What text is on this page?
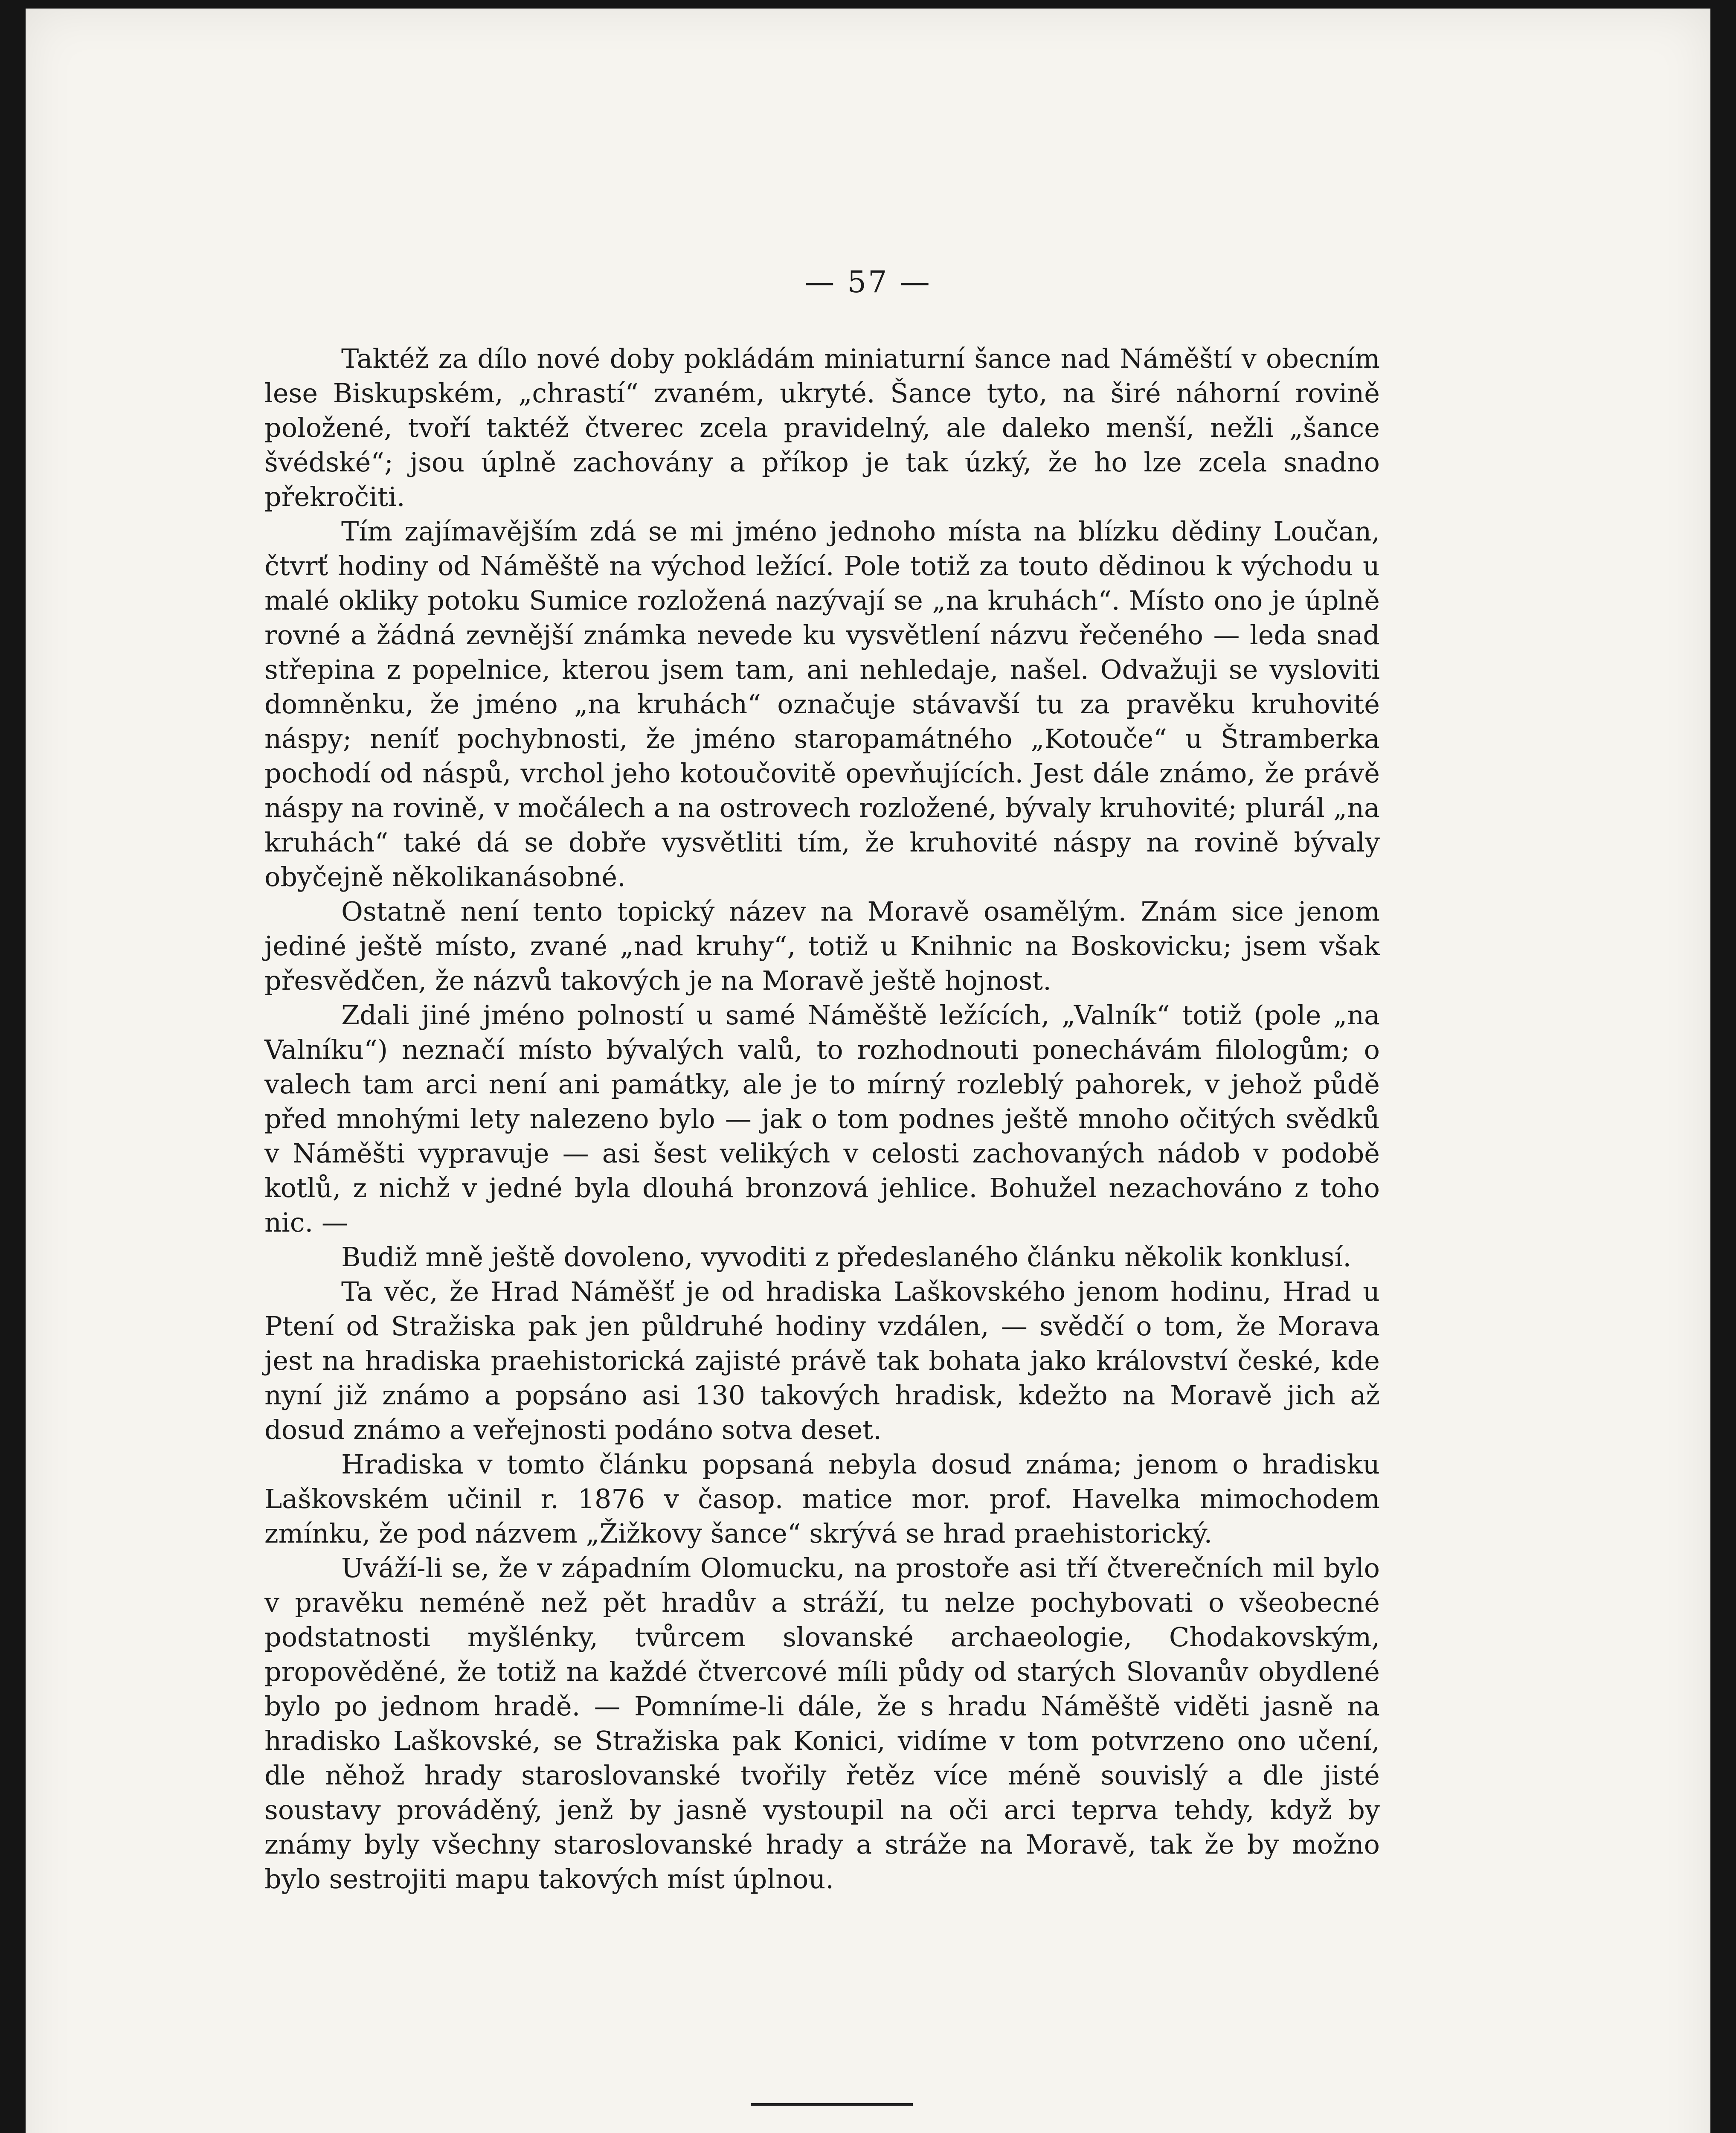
— 57 —

Taktéž za dílo nové doby pokládám miniaturní šance nad Náměští v obecním lese Biskupském, „chrastí“ zvaném, ukryté. Šance tyto, na širé náhorní rovině položené, tvoří taktéž čtverec zcela pravidelný, ale daleko menší, nežli „šance švédské“; jsou úplně zachovány a příkop je tak úzký, že ho lze zcela snadno překročiti.

Tím zajímavějším zdá se mi jméno jednoho místa na blízku dědiny Loučan, čtvrť hodiny od Náměště na východ ležící. Pole totiž za touto dědinou k východu u malé okliky potoku Sumice rozložená nazývají se „na kruhách“. Místo ono je úplně rovné a žádná zevnější známka nevede ku vysvětlení názvu řečeného — leda snad střepina z popelnice, kterou jsem tam, ani nehledaje, našel. Odvažuji se vysloviti domněnku, že jméno „na kruhách“ označuje stávavší tu za pravěku kruhovité náspy; neníť pochybnosti, že jméno staropamátného „Kotouče“ u Štramberka pochodí od náspů, vrchol jeho kotoučovitě opevňujících. Jest dále známo, že právě náspy na rovině, v močálech a na ostrovech rozložené, bývaly kruhovité; plurál „na kruhách“ také dá se dobře vysvětliti tím, že kruhovité náspy na rovině bývaly obyčejně několikanásobné.

Ostatně není tento topický název na Moravě osamělým. Znám sice jenom jediné ještě místo, zvané „nad kruhy“, totiž u Knihnic na Boskovicku; jsem však přesvědčen, že názvů takových je na Moravě ještě hojnost.

Zdali jiné jméno polností u samé Náměště ležících, „Valník“ totiž (pole „na Valníku“) neznačí místo bývalých valů, to rozhodnouti ponechávám filologům; o valech tam arci není ani památky, ale je to mírný rozleblý pahorek, v jehož půdě před mnohými lety nalezeno bylo — jak o tom podnes ještě mnoho očitých svědků v Náměšti vypravuje — asi šest velikých v celosti zachovaných nádob v podobě kotlů, z nichž v jedné byla dlouhá bronzová jehlice. Bohužel nezachováno z toho nic. —

Budiž mně ještě dovoleno, vyvoditi z předeslaného článku několik konklusí.

Ta věc, že Hrad Náměšť je od hradiska Laškovského jenom hodinu, Hrad u Ptení od Stražiska pak jen půldruhé hodiny vzdálen, — svědčí o tom, že Morava jest na hradiska praehistorická zajisté právě tak bohata jako království české, kde nyní již známo a popsáno asi 130 takových hradisk, kdežto na Moravě jich až dosud známo a veřejnosti podáno sotva deset.

Hradiska v tomto článku popsaná nebyla dosud známa; jenom o hradisku Laškovském učinil r. 1876 v časop. matice mor. prof. Havelka mimochodem zmínku, že pod názvem „Žižkovy šance“ skrývá se hrad praehistorický.

Uváží-li se, že v západním Olomucku, na prostoře asi tří čtverečních mil bylo v pravěku neméně než pět hradův a stráží, tu nelze pochybovati o všeobecné podstatnosti myšlénky, tvůrcem slovanské archaeologie, Chodakovským, propověděné, že totiž na každé čtvercové míli půdy od starých Slovanův obydlené bylo po jednom hradě. — Pomníme-li dále, že s hradu Náměště viděti jasně na hradisko Laškovské, se Stražiska pak Konici, vidíme v tom potvrzeno ono učení, dle něhož hrady staroslovanské tvořily řetěz více méně souvislý a dle jisté soustavy prováděný, jenž by jasně vystoupil na oči arci teprva tehdy, když by známy byly všechny staroslovanské hrady a stráže na Moravě, tak že by možno bylo sestrojiti mapu takových míst úplnou.
